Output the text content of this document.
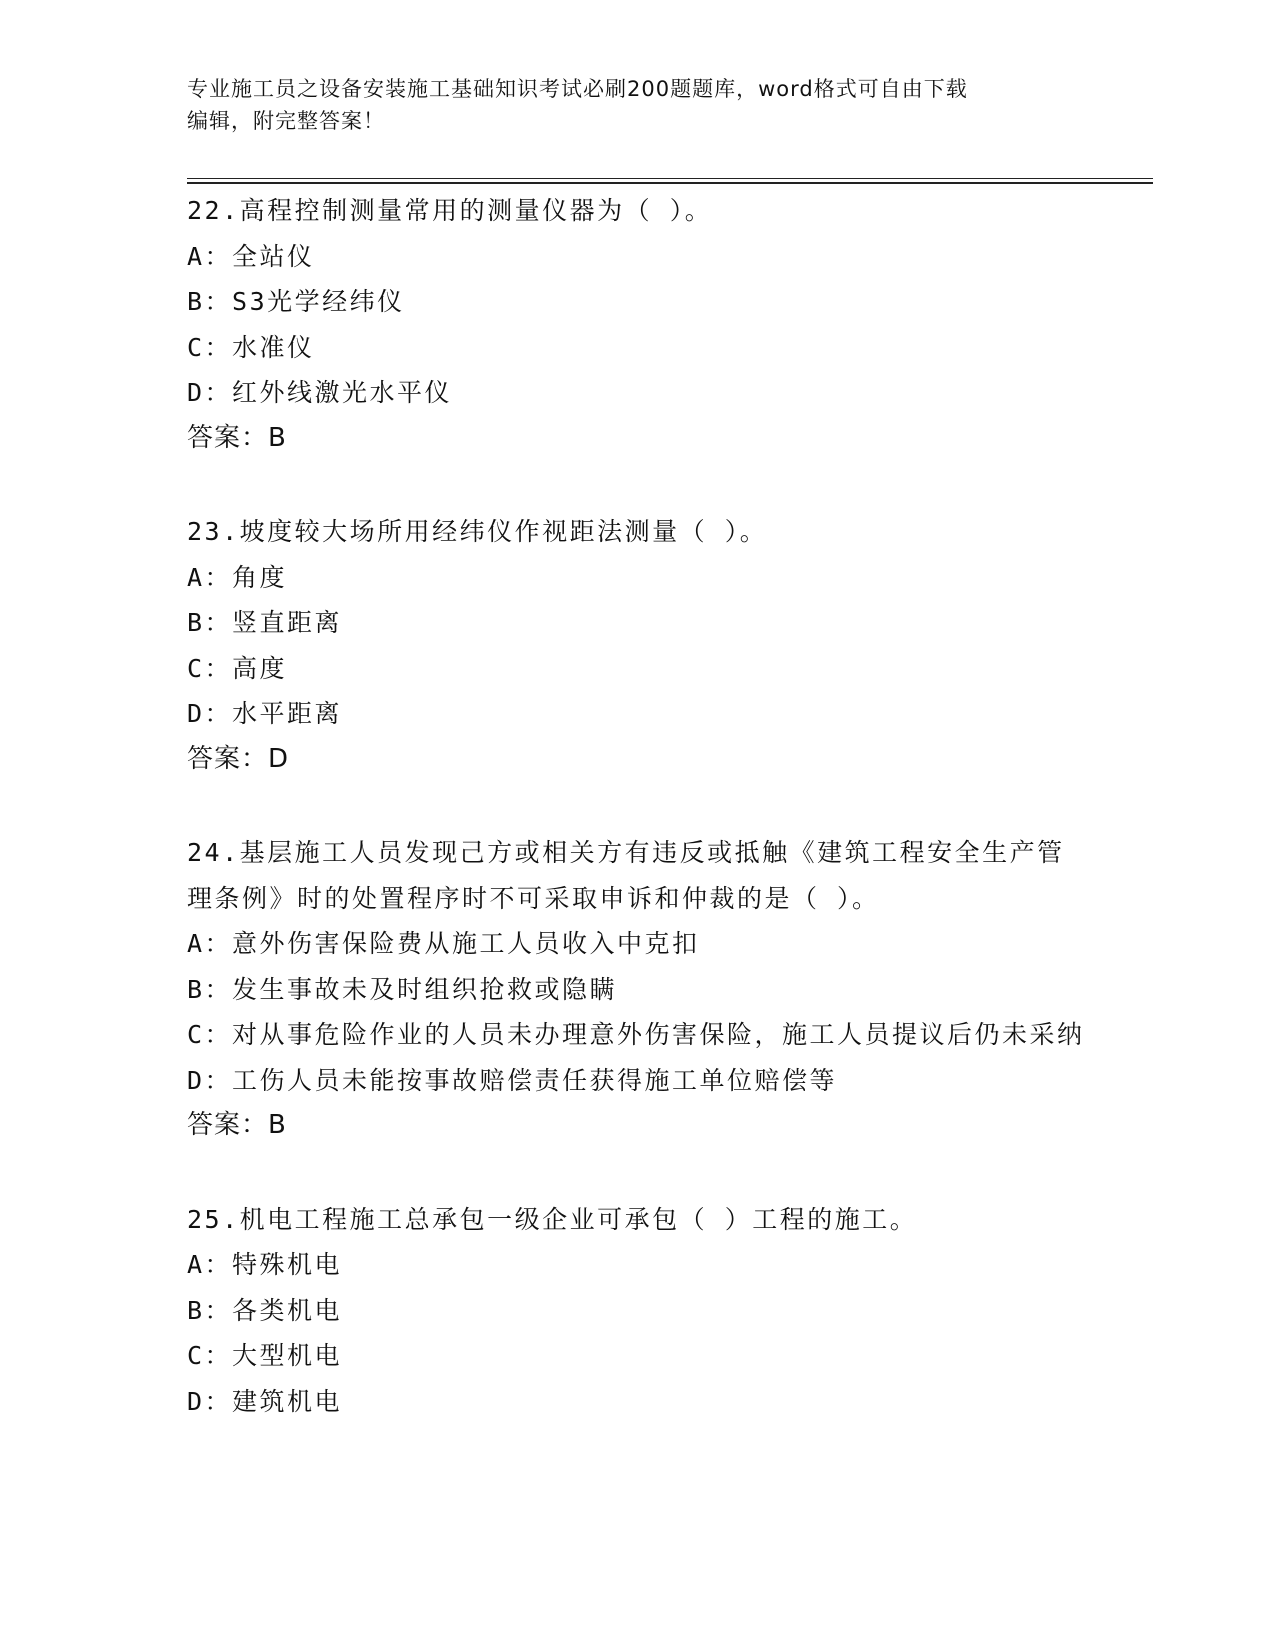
专业施工员之设备安装施工基础知识考试必刷200题题库，word格式可自由下载
编辑，附完整答案！
22.高程控制测量常用的测量仪器为（ ）。
A：全站仪
B：S3光学经纬仪
C：水准仪
D：红外线激光水平仪
答案：B
23.坡度较大场所用经纬仪作视距法测量（ ）。
A：角度
B：竖直距离
C：高度
D：水平距离
答案：D
24.基层施工人员发现己方或相关方有违反或抵触《建筑工程安全生产管理条例》时的处置程序时不可采取申诉和仲裁的是（ ）。
A：意外伤害保险费从施工人员收入中克扣
B：发生事故未及时组织抢救或隐瞒
C：对从事危险作业的人员未办理意外伤害保险，施工人员提议后仍未采纳
D：工伤人员未能按事故赔偿责任获得施工单位赔偿等
答案：B
25.机电工程施工总承包一级企业可承包（ ）工程的施工。
A：特殊机电
B：各类机电
C：大型机电
D：建筑机电
